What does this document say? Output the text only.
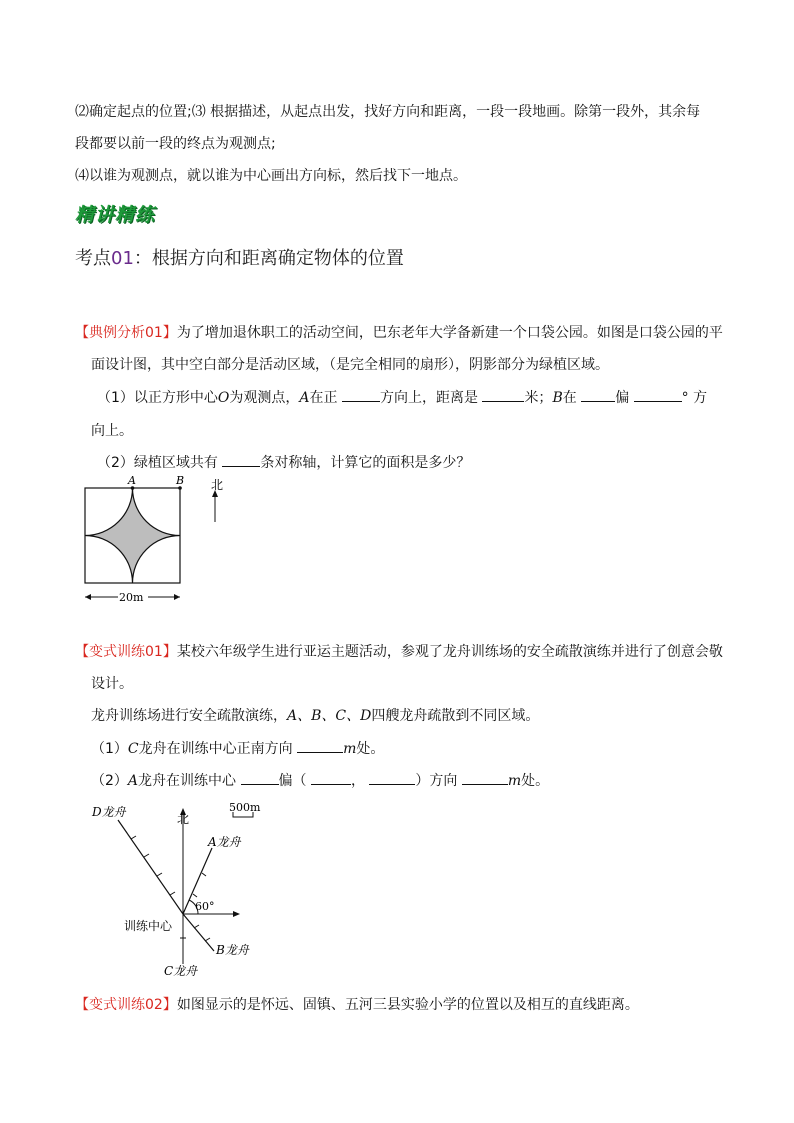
⑵确定起点的位置;⑶ 根据描述，从起点出发，找好方向和距离，一段一段地画。除第一段外，其余每
段都要以前一段的终点为观测点;
⑷以谁为观测点，就以谁为中心画出方向标，然后找下一地点。
精讲精练
考点01：根据方向和距离确定物体的位置
【典例分析01】为了增加退休职工的活动空间，巴东老年大学备新建一个口袋公园。如图是口袋公园的平
面设计图，其中空白部分是活动区域，（是完全相同的扇形），阴影部分为绿植区域。
（1）以正方形中心O为观测点，A在正	方向上，距离是	米；B在	偏	° 方
向上。
（2）绿植区域共有	条对称轴，计算它的面积是多少？
A	B 北
20m
【变式训练01】某校六年级学生进行亚运主题活动，参观了龙舟训练场的安全疏散演练并进行了创意会敬
设计。
龙舟训练场进行安全疏散演练，A、B、C、D四艘龙舟疏散到不同区域。
（1）C龙舟在训练中心正南方向	m处。
（2）A龙舟在训练中心	偏（	，	）方向	m处。
北
500m
D龙舟
B龙舟
A龙舟
60°
C龙舟
训练中心
【变式训练02】如图显示的是怀远、固镇、五河三县实验小学的位置以及相互的直线距离。
